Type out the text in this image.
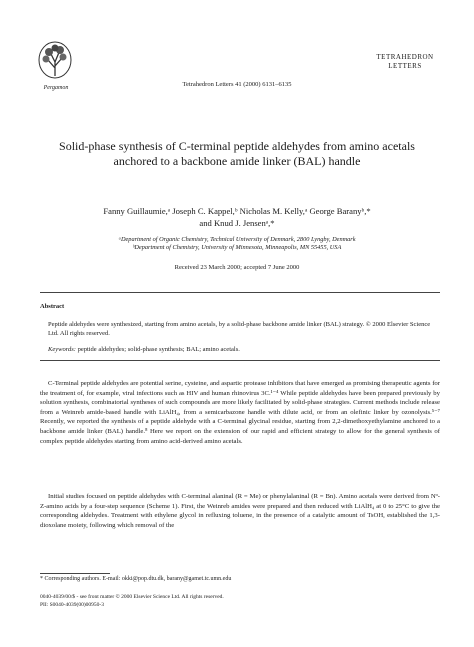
Pergamon
TETRAHEDRON
LETTERS
Tetrahedron Letters 41 (2000) 6131–6135
Solid-phase synthesis of C-terminal peptide aldehydes from amino acetals anchored to a backbone amide linker (BAL) handle
Fanny Guillaumie,ᵃ Joseph C. Kappel,ᵇ Nicholas M. Kelly,ᵃ George Baranyᵇ,*
and Knud J. Jensenᵃ,*
ᵃDepartment of Organic Chemistry, Technical University of Denmark, 2800 Lyngby, Denmark
ᵇDepartment of Chemistry, University of Minnesota, Minneapolis, MN 55455, USA
Received 23 March 2000; accepted 7 June 2000
Abstract
Peptide aldehydes were synthesized, starting from amino acetals, by a solid-phase backbone amide linker (BAL) strategy. © 2000 Elsevier Science Ltd. All rights reserved.
Keywords: peptide aldehydes; solid-phase synthesis; BAL; amino acetals.
C-Terminal peptide aldehydes are potential serine, cysteine, and aspartic protease inhibitors that have emerged as promising therapeutic agents for the treatment of, for example, viral infections such as HIV and human rhinovirus 3C.¹⁻⁴ While peptide aldehydes have been prepared previously by solution synthesis, combinatorial syntheses of such compounds are more likely facilitated by solid-phase strategies. Current methods include release from a Weinreb amide-based handle with LiAlH₄, from a semicarbazone handle with dilute acid, or from an olefinic linker by ozonolysis.⁵⁻⁷ Recently, we reported the synthesis of a peptide aldehyde with a C-terminal glycinal residue, starting from 2,2-dimethoxyethylamine anchored to a backbone amide linker (BAL) handle.⁸ Here we report on the extension of our rapid and efficient strategy to allow for the general synthesis of complex peptide aldehydes starting from amino acid-derived amino acetals.
Initial studies focused on peptide aldehydes with C-terminal alaninal (R = Me) or phenylalaninal (R = Bn). Amino acetals were derived from Nᵅ-Z-amino acids by a four-step sequence (Scheme 1). First, the Weinreb amides were prepared and then reduced with LiAlH₄ at 0 to 25°C to give the corresponding aldehydes. Treatment with ethylene glycol in refluxing toluene, in the presence of a catalytic amount of TsOH, established the 1,3-dioxolane moiety, following which removal of the
* Corresponding authors. E-mail: okki@pop.dtu.dk, barany@gamet.tc.umn.edu
0040-4039/00/$ - see front matter © 2000 Elsevier Science Ltd. All rights reserved.
PII: S0040-4039(00)00950-3
